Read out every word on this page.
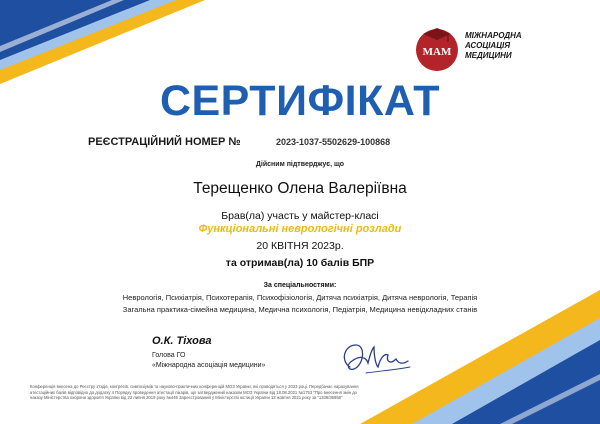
МАМ
МІЖНАРОДНА
АСОЦІАЦІЯ
МЕДИЦИНИ
СЕРТИФІКАТ
РЕЄСТРАЦІЙНИЙ НОМЕР №	2023-1037-5502629-100868
Дійсним підтверджує, що
Терещенко Олена Валеріївна
Брав(ла) участь у майстер-класі
Функціональні неврологічні розлади
20 КВІТНЯ 2023р.
та отримав(ла) 10 балів БПР
За спеціальностями:
Неврологія, Психіатрія, Психотерапія, Психофізіологія, Дитяча психіатрія, Дитяча неврологія, Терапія
Загальна практика-сімейна медицина, Медична психологія, Педіатрія, Медицина невідкладних станів
О.К. Тіхова
Голова ГО
«Міжнародна асоціація медицини»
Конференція внесена до Реєстру з'їздів, конгресів, симпозіумів та науково-практичних конференцій МОЗ України, які проводяться у 2023 році. Передбачає нарахування
атестаційних балів відповідно до додатку 4 Порядку проведення атестації лікарів, що затверджений наказом МОЗ України від 18.08.2021 №1753 "Про внесення змін до
наказу Міністерства охорони здоров'я України від 22 липня 2019 року №446 Зареєстрований у Міністерстві юстиції України 13 жовтня 2021 року за "1336/36958"
